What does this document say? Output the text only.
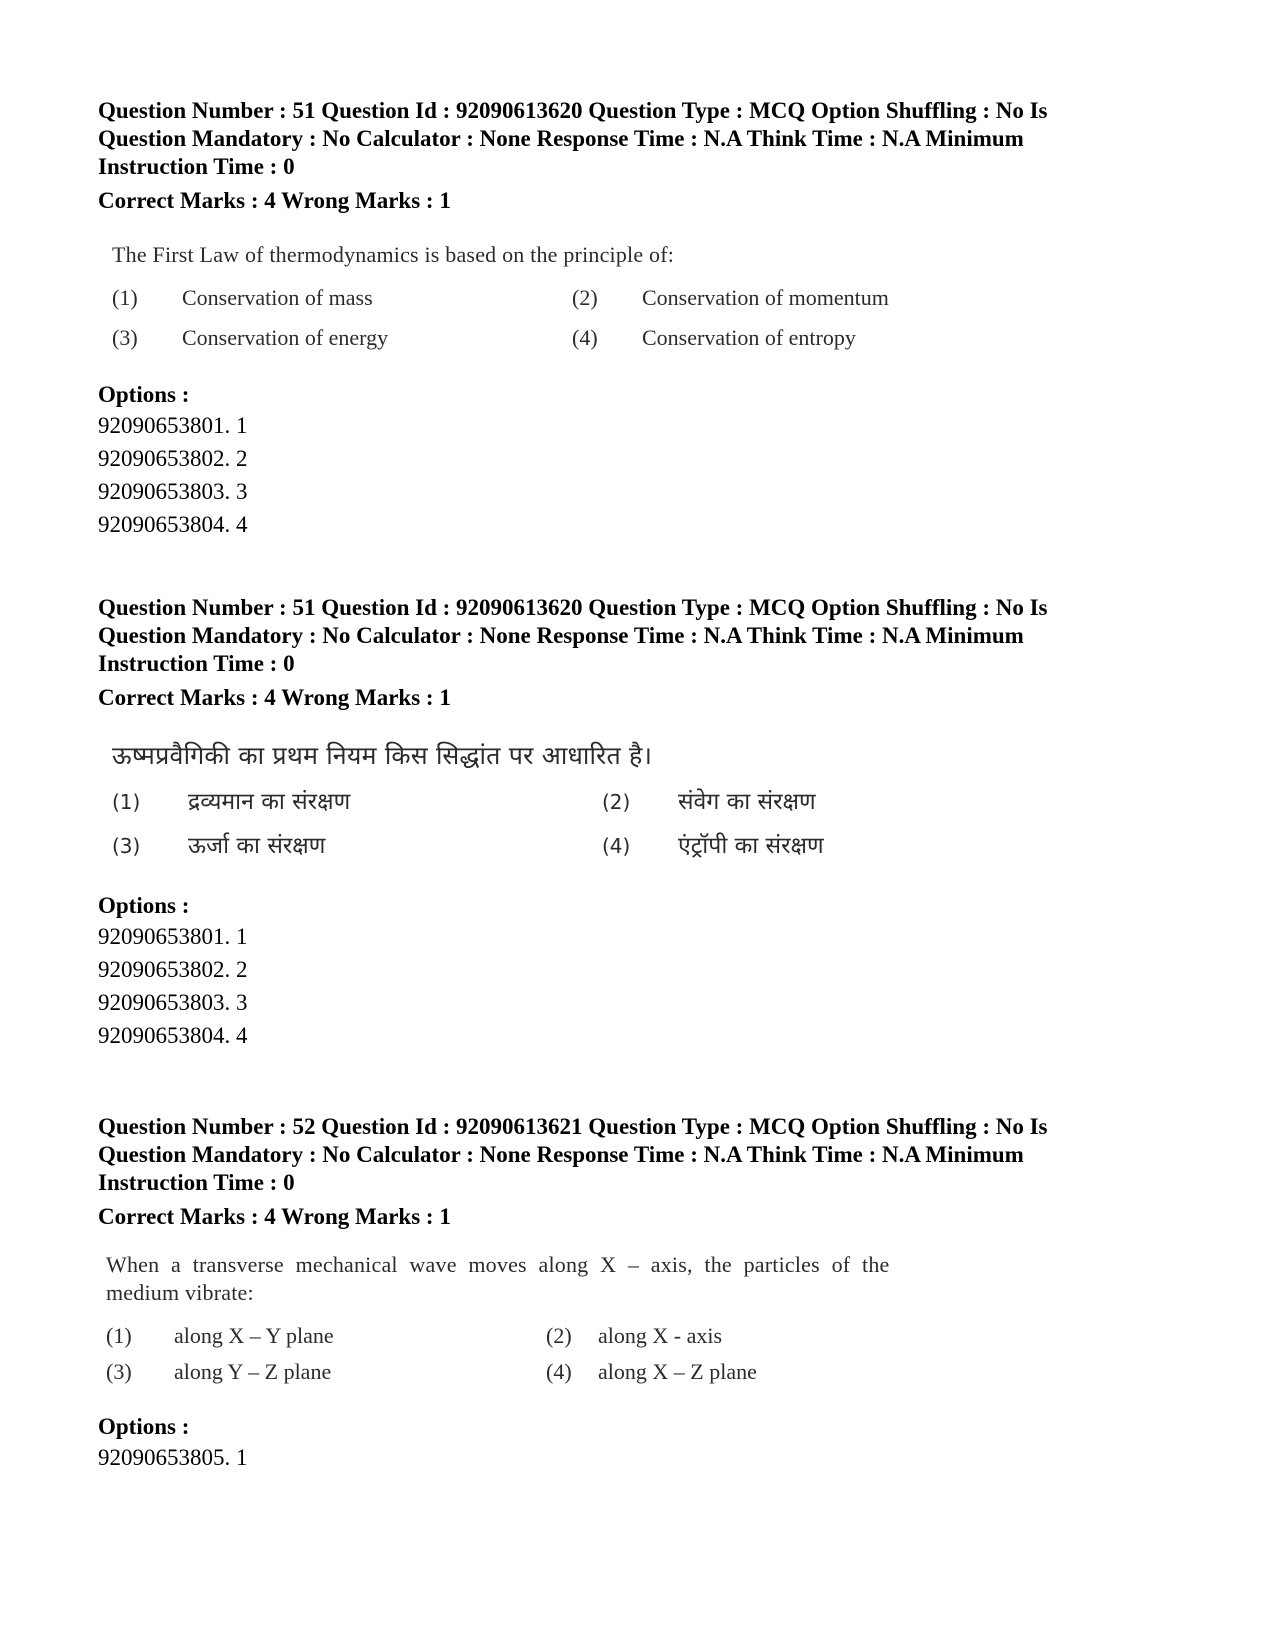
Question Number : 51 Question Id : 92090613620 Question Type : MCQ Option Shuffling : No Is

Question Mandatory : No Calculator : None Response Time : N.A Think Time : N.A Minimum

Instruction Time : 0

Correct Marks : 4 Wrong Marks : 1
The First Law of thermodynamics is based on the principle of:
(1)	Conservation of mass	(2)	Conservation of momentum
(3)	Conservation of energy	(4)	Conservation of entropy
Options :
92090653801. 1
92090653802. 2
92090653803. 3
92090653804. 4

Question Number : 51 Question Id : 92090613620 Question Type : MCQ Option Shuffling : No Is

Question Mandatory : No Calculator : None Response Time : N.A Think Time : N.A Minimum

Instruction Time : 0

Correct Marks : 4 Wrong Marks : 1
ऊष्मप्रवैगिकी का प्रथम नियम किस सिद्धांत पर आधारित है।
(1)	द्रव्यमान का संरक्षण	(2)	संवेग का संरक्षण
(3)	ऊर्जा का संरक्षण	(4)	एंट्रॉपी का संरक्षण
Options :
92090653801. 1
92090653802. 2
92090653803. 3
92090653804. 4

Question Number : 52 Question Id : 92090613621 Question Type : MCQ Option Shuffling : No Is

Question Mandatory : No Calculator : None Response Time : N.A Think Time : N.A Minimum

Instruction Time : 0

Correct Marks : 4 Wrong Marks : 1
When a transverse mechanical wave moves along X – axis, the particles of the
medium vibrate:
(1)	along X – Y plane	(2)	along X - axis
(3)	along Y – Z plane	(4)	along X – Z plane
Options :
92090653805. 1
